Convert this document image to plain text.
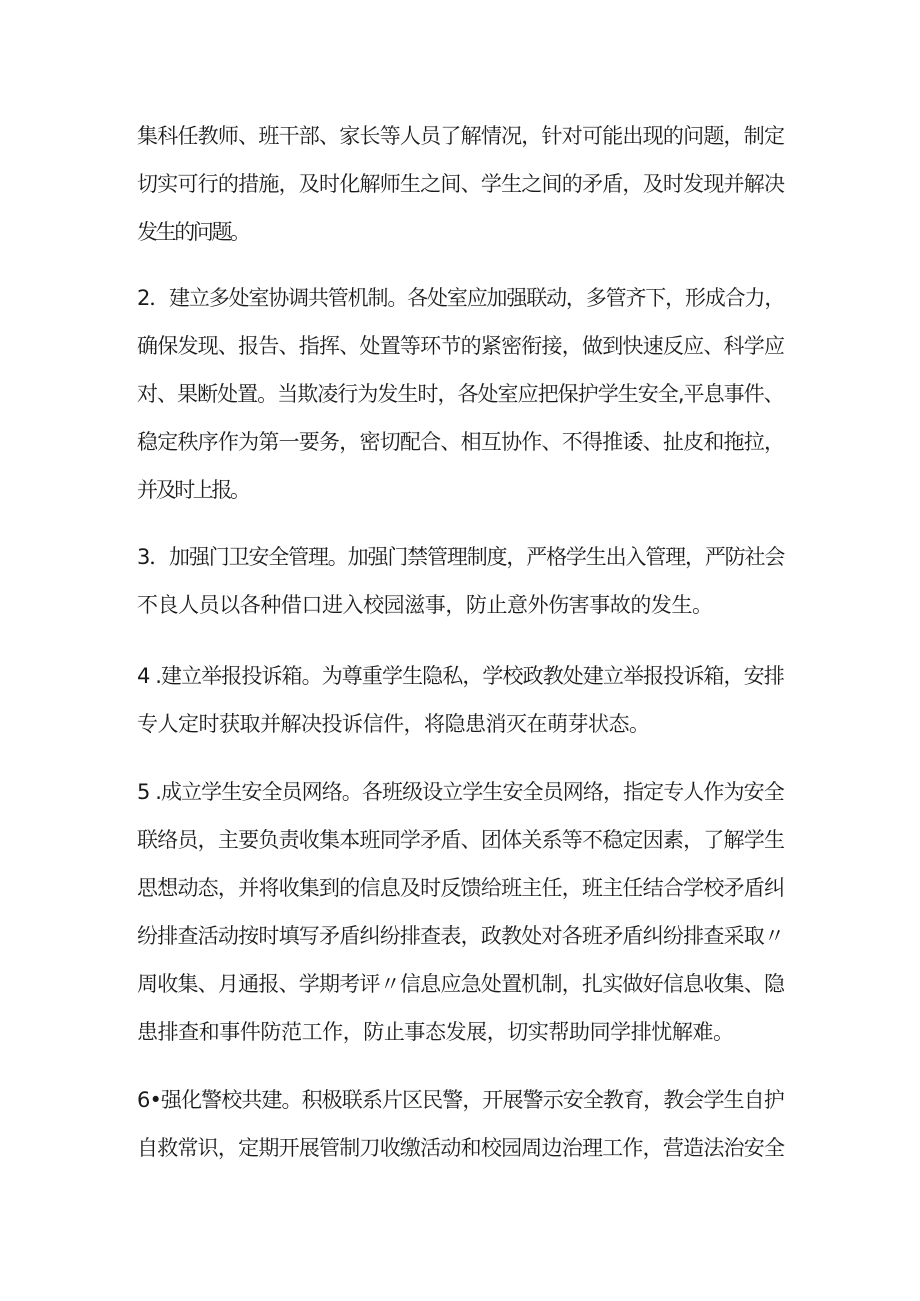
集科任教师、班干部、家长等人员了解情况，针对可能出现的问题，制定
切实可行的措施，及时化解师生之间、学生之间的矛盾，及时发现并解决
发生的问题。
2．建立多处室协调共管机制。各处室应加强联动，多管齐下，形成合力，
确保发现、报告、指挥、处置等环节的紧密衔接，做到快速反应、科学应
对、果断处置。当欺凌行为发生时，各处室应把保护学生安全,平息事件、
稳定秩序作为第一要务，密切配合、相互协作、不得推诿、扯皮和拖拉，
并及时上报。
3．加强门卫安全管理。加强门禁管理制度，严格学生出入管理，严防社会
不良人员以各种借口进入校园滋事，防止意外伤害事故的发生。
4 .建立举报投诉箱。为尊重学生隐私，学校政教处建立举报投诉箱，安排
专人定时获取并解决投诉信件，将隐患消灭在萌芽状态。
5 .成立学生安全员网络。各班级设立学生安全员网络，指定专人作为安全
联络员，主要负责收集本班同学矛盾、团体关系等不稳定因素，了解学生
思想动态，并将收集到的信息及时反馈给班主任，班主任结合学校矛盾纠
纷排查活动按时填写矛盾纠纷排查表，政教处对各班矛盾纠纷排查采取〃
周收集、月通报、学期考评〃信息应急处置机制，扎实做好信息收集、隐
患排查和事件防范工作，防止事态发展，切实帮助同学排忧解难。
6•强化警校共建。积极联系片区民警，开展警示安全教育，教会学生自护
自救常识，定期开展管制刀收缴活动和校园周边治理工作，营造法治安全
